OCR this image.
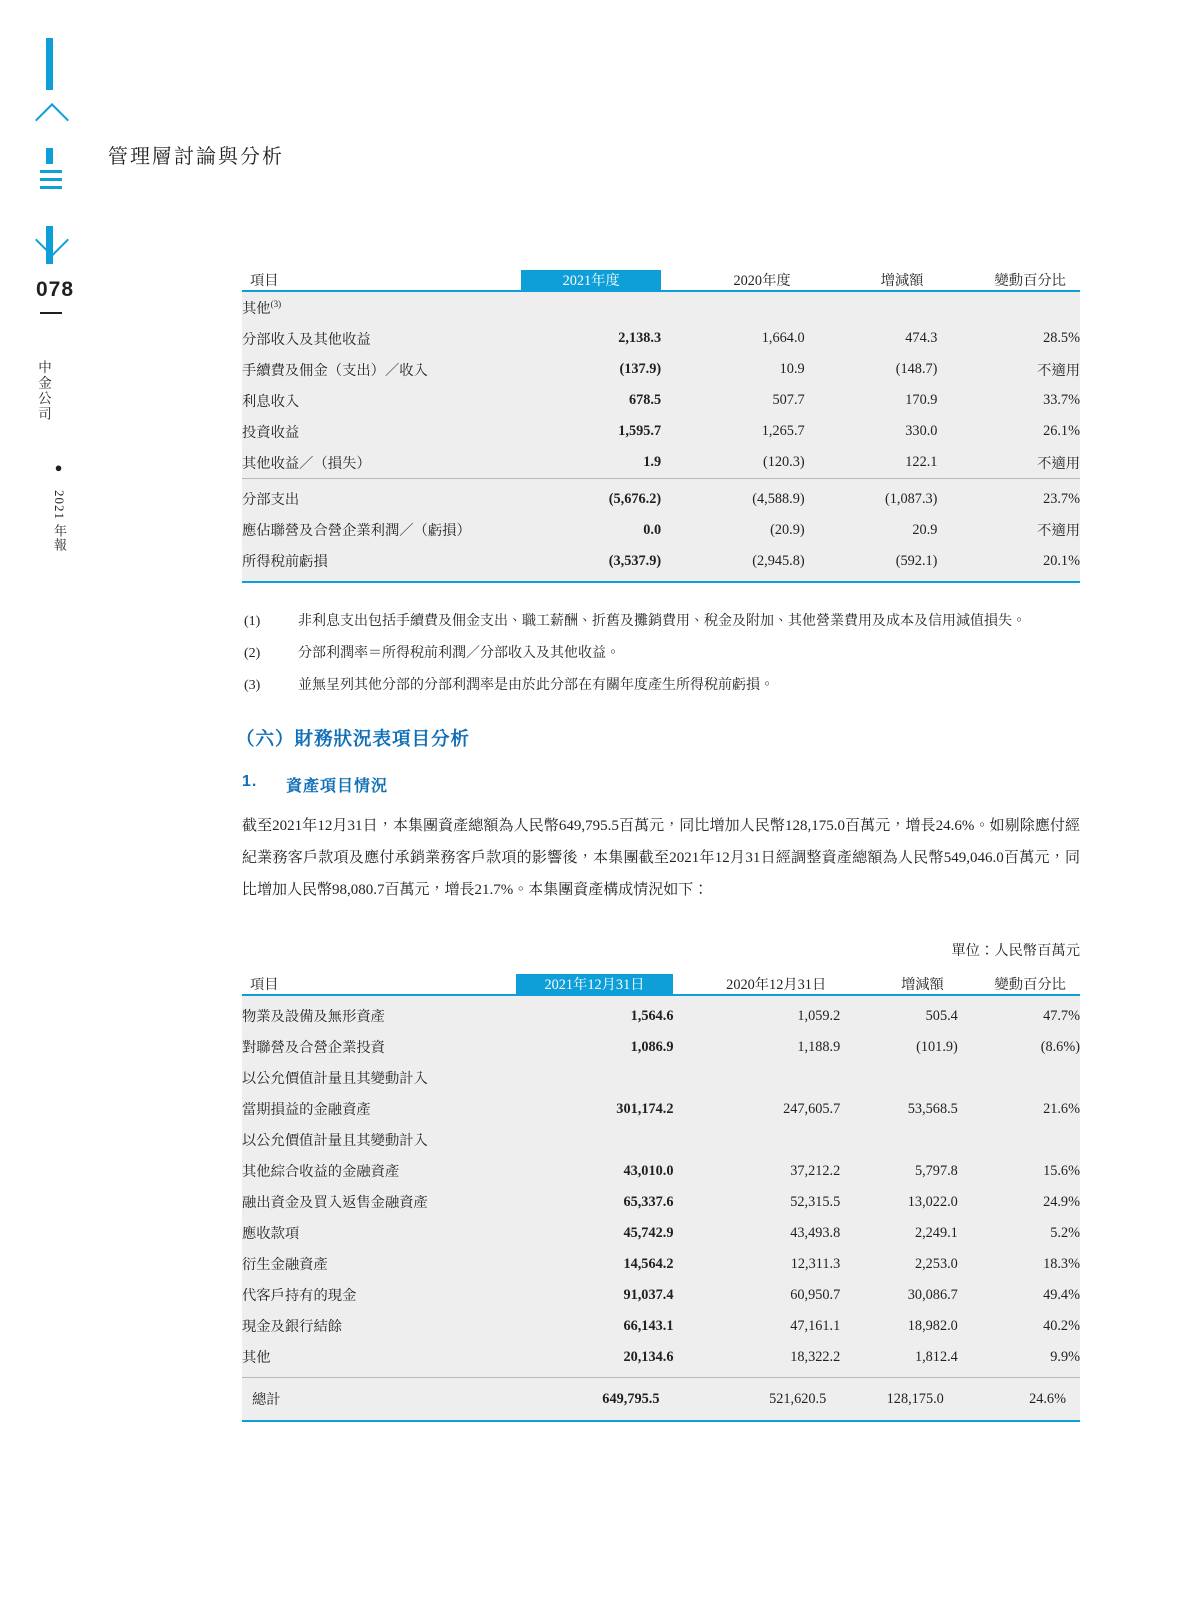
078
中金公司
●
2021 年報
管理層討論與分析
項目	2021年度	2020年度	增減額	變動百分比
其他$^{(3)}$				
分部收入及其他收益	2,138.3	1,664.0	474.3	28.5%
手續費及佣金（支出）／收入	(137.9)	10.9	(148.7)	不適用
利息收入	678.5	507.7	170.9	33.7%
投資收益	1,595.7	1,265.7	330.0	26.1%
其他收益／（損失）	1.9	(120.3)	122.1	不適用
分部支出	(5,676.2)	(4,588.9)	(1,087.3)	23.7%
應佔聯營及合營企業利潤／（虧損）	0.0	(20.9)	20.9	不適用
所得稅前虧損	(3,537.9)	(2,945.8)	(592.1)	20.1%

(1)	非利息支出包括手續費及佣金支出、職工薪酬、折舊及攤銷費用、稅金及附加、其他營業費用及成本及信用減值損失。
(2)	分部利潤率＝所得稅前利潤／分部收入及其他收益。
(3)	並無呈列其他分部的分部利潤率是由於此分部在有關年度產生所得稅前虧損。
（六）財務狀況表項目分析
1.	資產項目情況

截至2021年12月31日，本集團資產總額為人民幣649,795.5百萬元，同比增加人民幣128,175.0百萬元，增長24.6%。如剔除應付經紀業務客戶款項及應付承銷業務客戶款項的影響後，本集團截至2021年12月31日經調整資產總額為人民幣549,046.0百萬元，同比增加人民幣98,080.7百萬元，增長21.7%。本集團資產構成情況如下：

單位：人民幣百萬元
項目	2021年12月31日	2020年12月31日	增減額	變動百分比
物業及設備及無形資產	1,564.6	1,059.2	505.4	47.7%
對聯營及合營企業投資	1,086.9	1,188.9	(101.9)	(8.6%)
以公允價值計量且其變動計入				
當期損益的金融資產	301,174.2	247,605.7	53,568.5	21.6%
以公允價值計量且其變動計入				
其他綜合收益的金融資產	43,010.0	37,212.2	5,797.8	15.6%
融出資金及買入返售金融資產	65,337.6	52,315.5	13,022.0	24.9%
應收款項	45,742.9	43,493.8	2,249.1	5.2%
衍生金融資產	14,564.2	12,311.3	2,253.0	18.3%
代客戶持有的現金	91,037.4	60,950.7	30,086.7	49.4%
現金及銀行結餘	66,143.1	47,161.1	18,982.0	40.2%
其他	20,134.6	18,322.2	1,812.4	9.9%
總計	649,795.5	521,620.5	128,175.0	24.6%
